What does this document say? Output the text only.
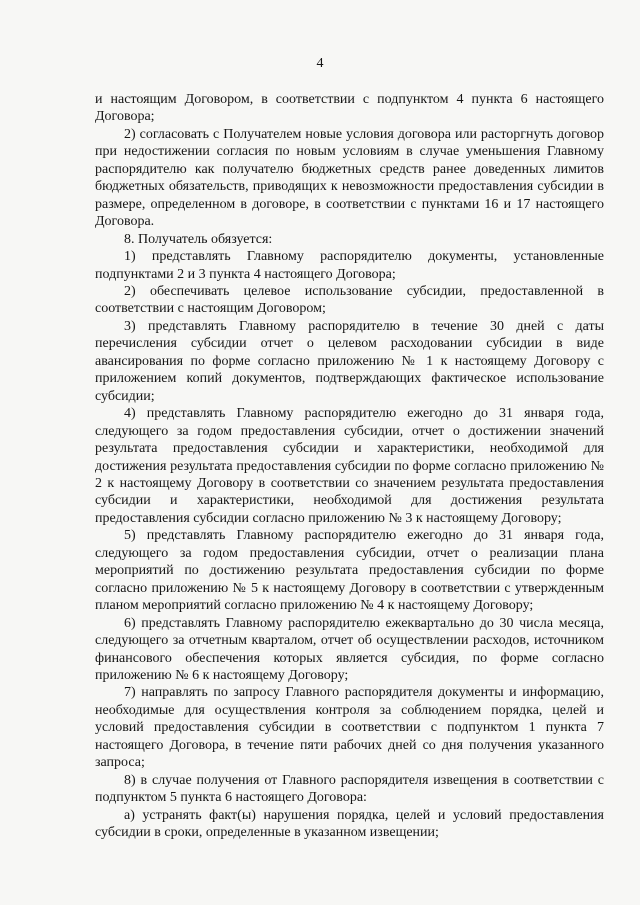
4

и настоящим Договором, в соответствии с подпунктом 4 пункта 6 настоящего Договора;

2) согласовать с Получателем новые условия договора или расторгнуть договор при недостижении согласия по новым условиям в случае уменьшения Главному распорядителю как получателю бюджетных средств ранее доведенных лимитов бюджетных обязательств, приводящих к невозможности предоставления субсидии в размере, определенном в договоре, в соответствии с пунктами 16 и 17 настоящего Договора.

8. Получатель обязуется:

1) представлять Главному распорядителю документы, установленные подпунктами 2 и 3 пункта 4 настоящего Договора;

2) обеспечивать целевое использование субсидии, предоставленной в соответствии с настоящим Договором;

3) представлять Главному распорядителю в течение 30 дней с даты перечисления субсидии отчет о целевом расходовании субсидии в виде авансирования по форме согласно приложению № 1 к настоящему Договору с приложением копий документов, подтверждающих фактическое использование субсидии;

4) представлять Главному распорядителю ежегодно до 31 января года, следующего за годом предоставления субсидии, отчет о достижении значений результата предоставления субсидии и характеристики, необходимой для достижения результата предоставления субсидии по форме согласно приложению № 2 к настоящему Договору в соответствии со значением результата предоставления субсидии и характеристики, необходимой для достижения результата предоставления субсидии согласно приложению № 3 к настоящему Договору;

5) представлять Главному распорядителю ежегодно до 31 января года, следующего за годом предоставления субсидии, отчет о реализации плана мероприятий по достижению результата предоставления субсидии по форме согласно приложению № 5 к настоящему Договору в соответствии с утвержденным планом мероприятий согласно приложению № 4 к настоящему Договору;

6) представлять Главному распорядителю ежеквартально до 30 числа месяца, следующего за отчетным кварталом, отчет об осуществлении расходов, источником финансового обеспечения которых является субсидия, по форме согласно приложению № 6 к настоящему Договору;

7) направлять по запросу Главного распорядителя документы и информацию, необходимые для осуществления контроля за соблюдением порядка, целей и условий предоставления субсидии в соответствии с подпунктом 1 пункта 7 настоящего Договора, в течение пяти рабочих дней со дня получения указанного запроса;

8) в случае получения от Главного распорядителя извещения в соответствии с подпунктом 5 пункта 6 настоящего Договора:

а) устранять факт(ы) нарушения порядка, целей и условий предоставления субсидии в сроки, определенные в указанном извещении;
